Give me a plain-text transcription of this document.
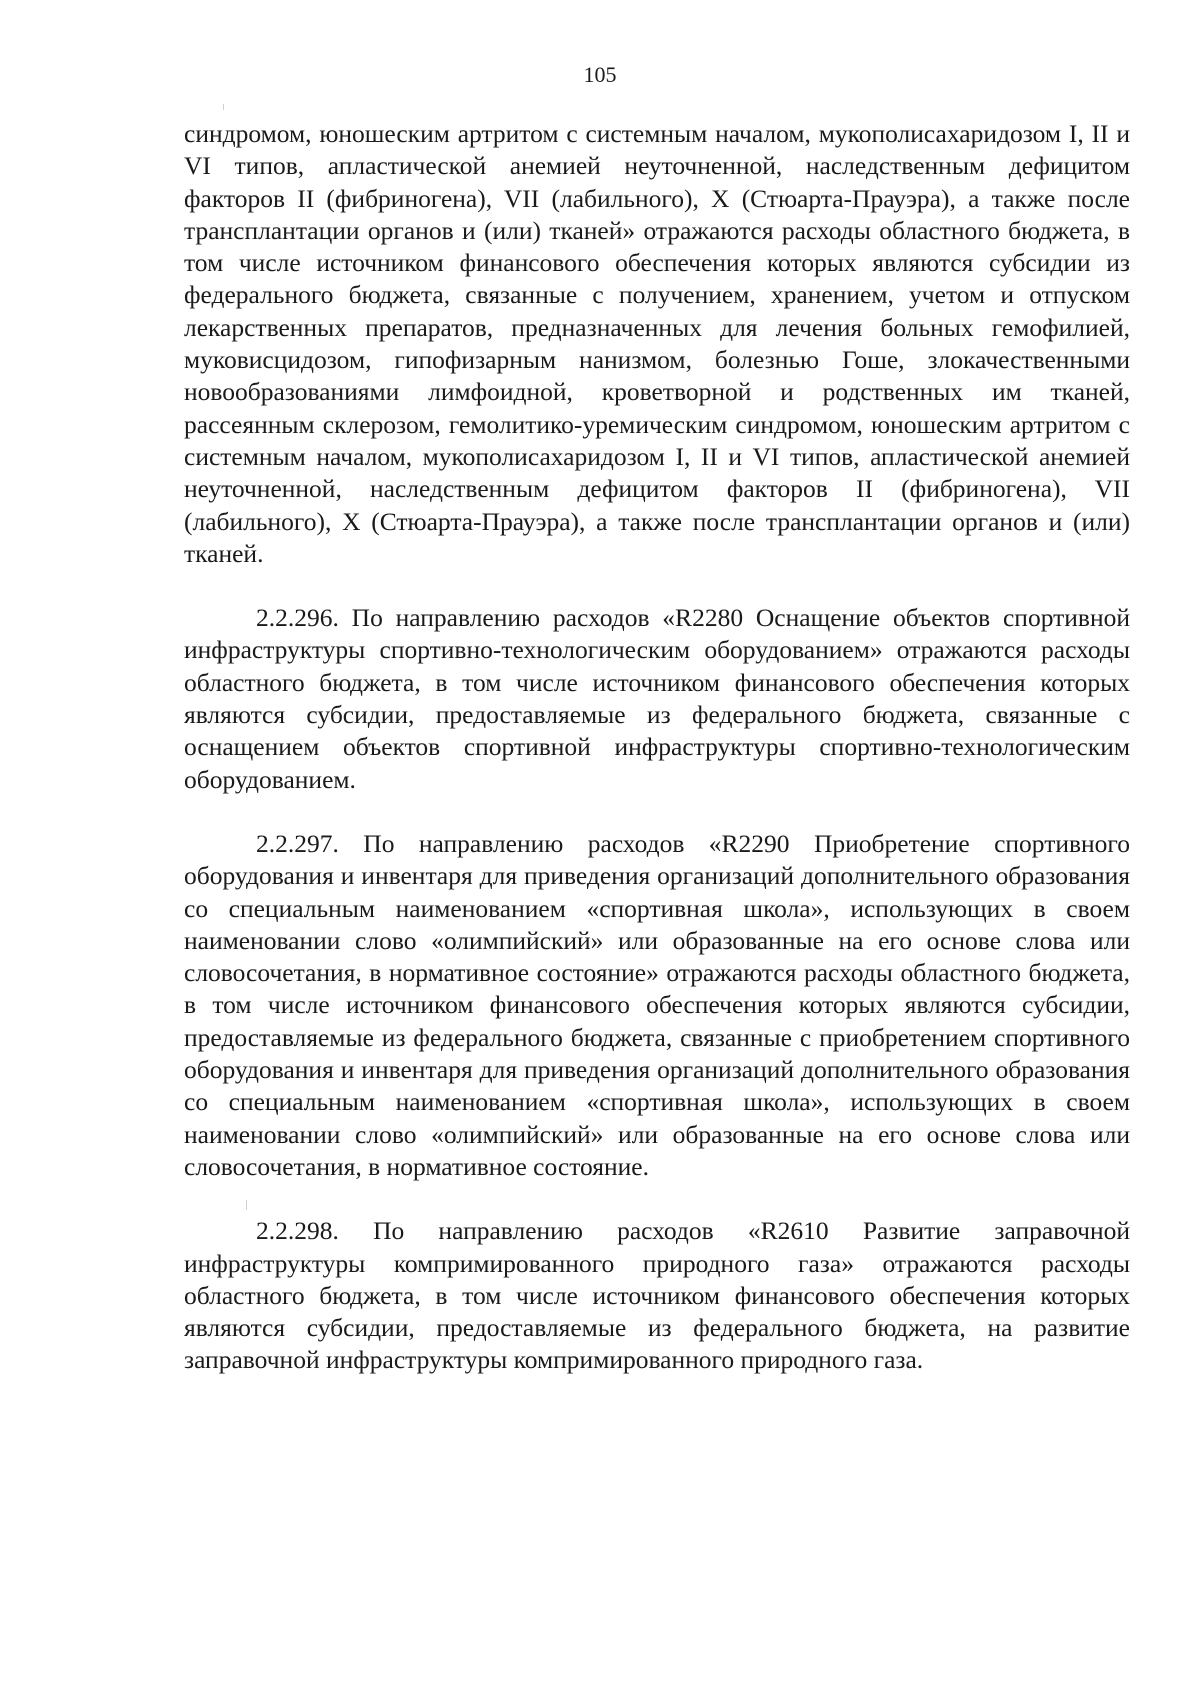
105

синдромом, юношеским артритом с системным началом, мукополисахаридозом I, II и VI типов, апластической анемией неуточненной, наследственным дефицитом факторов II (фибриногена), VII (лабильного), X (Стюарта-Прауэра), а также после трансплантации органов и (или) тканей» отражаются расходы областного бюджета, в том числе источником финансового обеспечения которых являются субсидии из федерального бюджета, связанные с получением, хранением, учетом и отпуском лекарственных препаратов, предназначенных для лечения больных гемофилией, муковисцидозом, гипофизарным нанизмом, болезнью Гоше, злокачественными новообразованиями лимфоидной, кроветворной и родственных им тканей, рассеянным склерозом, гемолитико-уремическим синдромом, юношеским артритом с системным началом, мукополисахаридозом I, II и VI типов, апластической анемией неуточненной, наследственным дефицитом факторов II (фибриногена), VII (лабильного), X (Стюарта-Прауэра), а также после трансплантации органов и (или) тканей.

2.2.296. По направлению расходов «R2280 Оснащение объектов спортивной инфраструктуры спортивно-технологическим оборудованием» отражаются расходы областного бюджета, в том числе источником финансового обеспечения которых являются субсидии, предоставляемые из федерального бюджета, связанные с оснащением объектов спортивной инфраструктуры спортивно-технологическим оборудованием.

2.2.297. По направлению расходов «R2290 Приобретение спортивного оборудования и инвентаря для приведения организаций дополнительного образования со специальным наименованием «спортивная школа», использующих в своем наименовании слово «олимпийский» или образованные на его основе слова или словосочетания, в нормативное состояние» отражаются расходы областного бюджета, в том числе источником финансового обеспечения которых являются субсидии, предоставляемые из федерального бюджета, связанные с приобретением спортивного оборудования и инвентаря для приведения организаций дополнительного образования со специальным наименованием «спортивная школа», использующих в своем наименовании слово «олимпийский» или образованные на его основе слова или словосочетания, в нормативное состояние.

2.2.298. По направлению расходов «R2610 Развитие заправочной инфраструктуры компримированного природного газа» отражаются расходы областного бюджета, в том числе источником финансового обеспечения которых являются субсидии, предоставляемые из федерального бюджета, на развитие заправочной инфраструктуры компримированного природного газа.
